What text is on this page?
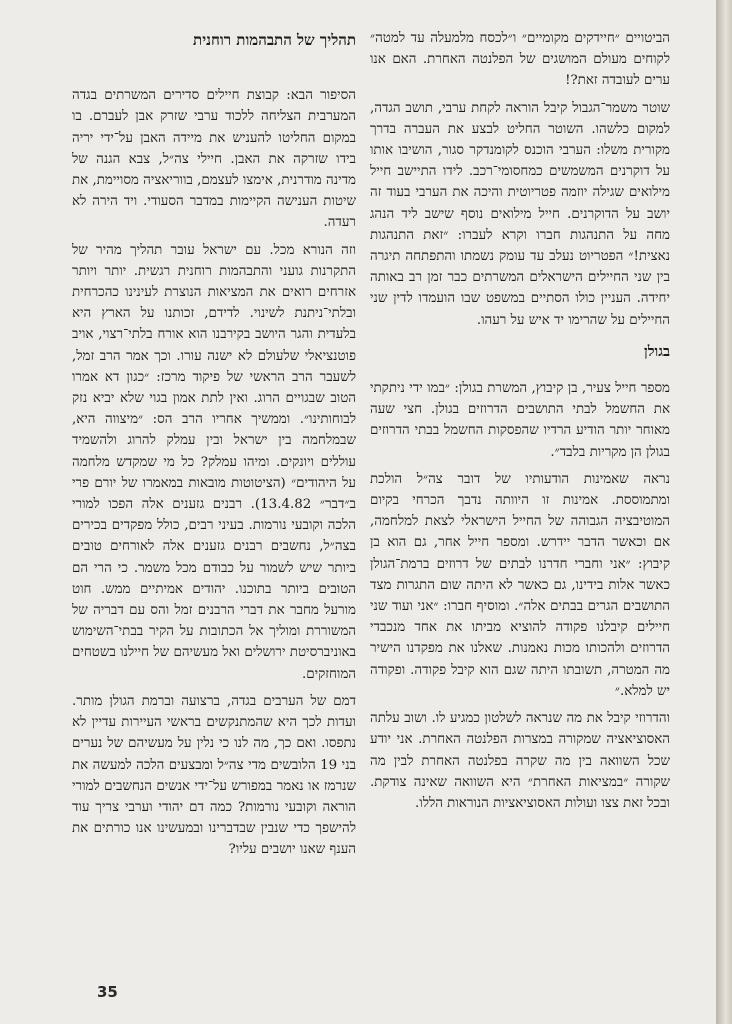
הביטויים ״חיידקים מקומיים״ ו״לכסח מלמעלה עד למטה״ לקוחים מעולם המושגים של הפלנטה האחרת. האם אנו ערים לעובדה זאת?!

שוטר משמר־הגבול קיבל הוראה לקחת ערבי, תושב הגדה, למקום כלשהו. השוטר החליט לבצע את העברה בדרך מקורית משלו: הערבי הוכנס לקומנדקר סגור, הושיבו אותו על דוקרנים המשמשים כמחסומי־רכב. לידו התיישב חייל מילואים שגילה יוזמה פטריוטית והיכה את הערבי בעוד זה יושב על הדוקרנים. חייל מילואים נוסף שישב ליד הנהג מחה על התנהגות חברו וקרא לעברו: ״זאת התנהגות נאצית!״ הפטריוט נעלב עד עומק נשמתו והתפתחה תיגרה בין שני החיילים הישראלים המשרתים כבר זמן רב באותה יחידה. העניין כולו הסתיים במשפט שבו הועמדו לדין שני החיילים על שהרימו יד איש על רעהו.

בגולן

מספר חייל צעיר, בן קיבוץ, המשרת בגולן: ״במו ידי ניתקתי את החשמל לבתי התושבים הדרוזים בגולן. חצי שעה מאוחר יותר הודיע הרדיו שהפסקות החשמל בבתי הדרוזים בגולן הן מקריות בלבד״.

נראה שאמינות הודעותיו של דובר צה״ל הולכת ומתמוססת. אמינות זו היוותה נדבך הכרחי בקיום המוטיבציה הגבוהה של החייל הישראלי לצאת למלחמה, אם וכאשר הדבר יידרש. ומספר חייל אחר, גם הוא בן קיבוץ: ״אני וחברי חדרנו לבתים של דרוזים ברמת־הגולן כאשר אלות בידינו, גם כאשר לא היתה שום התגרות מצד התושבים הגרים בבתים אלה״. ומוסיף חברו: ״אני ועוד שני חיילים קיבלנו פקודה להוציא מביתו את אחד מנכבדי הדרוזים ולהכותו מכות נאמנות. שאלנו את מפקדנו הישיר מה המטרה, תשובתו היתה שגם הוא קיבל פקודה. ופקודה יש למלא.״

והדרוזי קיבל את מה שנראה לשלטון כמגיע לו. ושוב עלתה האסוציאציה שמקורה במצרות הפלנטה האחרת. אני יודע שכל השוואה בין מה שקרה בפלנטה האחרת לבין מה שקורה ״במציאות האחרת״ היא השוואה שאינה צודקת. ובכל זאת צצו ועולות האסוציאציות הנוראות הללו.

תהליך של התבהמות רוחנית

הסיפור הבא: קבוצת חיילים סדירים המשרתים בגדה המערבית הצליחה ללכוד ערבי שזרק אבן לעברם. בו במקום החליטו להעניש את מיידה האבן על־ידי יריה בידו שזרקה את האבן. חיילי צה״ל, צבא הגנה של מדינה מודרנית, אימצו לעצמם, בווריאציה מסויימת, את שיטות הענישה הקיימות במדבר הסעודי. ויד הירה לא רעדה.

וזה הנורא מכל. עם ישראל עובר תהליך מהיר של התקרנות גועני והתבהמות רוחנית רגשית. יותר ויותר אזרחים רואים את המציאות הנוצרת לעינינו כהכרחית ובלתי־ניתנת לשינוי. לדידם, זכותנו על הארץ היא בלעדית והגר היושב בקירבנו הוא אורח בלתי־רצוי, אויב פוטנציאלי שלעולם לא ישנה עורו. וכך אמר הרב זמל, לשעבר הרב הראשי של פיקוד מרכז: ״כגון דא אמרו הטוב שבגויים הרוג. ואין לתת אמון בגוי שלא יביא נזק לבוחותינו״. וממשיך אחריו הרב הס: ״מיצווה היא, שבמלחמה בין ישראל ובין עמלק להרוג ולהשמיד עוללים ויונקים. ומיהו עמלק? כל מי שמקדש מלחמה על היהודים״ (הציטוטות מובאות במאמרו של יורם פרי ב״דבר״ 13.4.82). רבנים גזענים אלה הפכו למורי הלכה וקובעי נורמות. בעיני רבים, כולל מפקדים בכירים בצה״ל, נחשבים רבנים גזענים אלה לאורחים טובים ביותר שיש לשמור על כבודם מכל משמר. כי הרי הם הטובים ביותר בתוכנו. יהודים אמיתיים ממש. חוט מורעל מחבר את דברי הרבנים זמל והס עם דבריה של המשוררת ומוליך אל הכתובות על הקיר בבתי־השימוש באוניברסיטת ירושלים ואל מעשיהם של חיילנו בשטחים המוחזקים.

דמם של הערבים בגדה, ברצועה וברמת הגולן מותר. ועדות לכך היא שהמתנקשים בראשי העיירות עדיין לא נתפסו. ואם כך, מה לנו כי נלין על מעשיהם של נערים בני 19 הלובשים מדי צה״ל ומבצעים הלכה למעשה את שנרמז או נאמר במפורש על־ידי אנשים הנחשבים למורי הוראה וקובעי נורמות? כמה דם יהודי וערבי צריך עוד להישפך כדי שנבין שבדברינו ובמעשינו אנו כורתים את הענף שאנו יושבים עליו?

35
